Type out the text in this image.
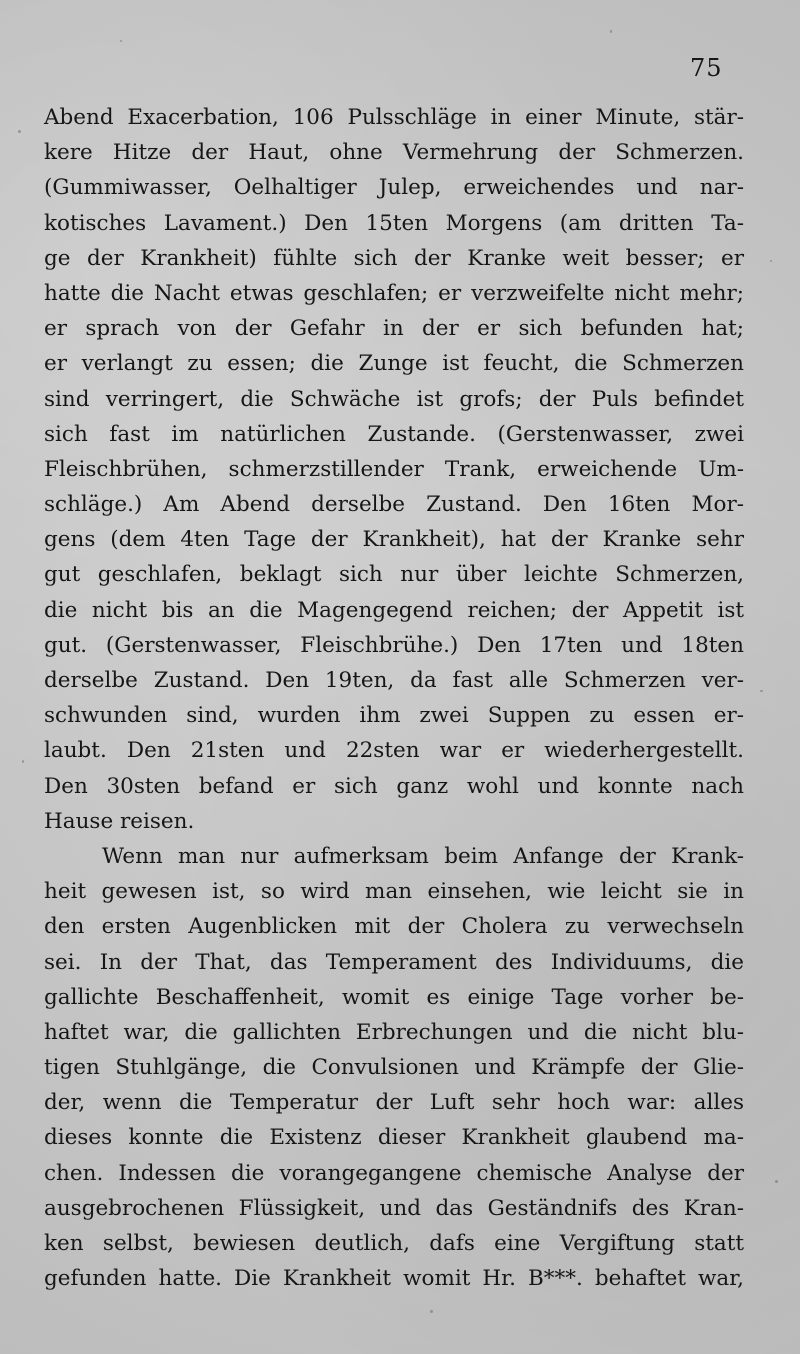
75
Abend Exacerbation, 106 Pulsschläge in einer Minute, stär-
kere Hitze der Haut, ohne Vermehrung der Schmerzen.
(Gummiwasser, Oelhaltiger Julep, erweichendes und nar-
kotisches Lavament.) Den 15ten Morgens (am dritten Ta-
ge der Krankheit) fühlte sich der Kranke weit besser; er
hatte die Nacht etwas geschlafen; er verzweifelte nicht mehr;
er sprach von der Gefahr in der er sich befunden hat;
er verlangt zu essen; die Zunge ist feucht, die Schmerzen
sind verringert, die Schwäche ist grofs; der Puls befindet
sich fast im natürlichen Zustande. (Gerstenwasser, zwei
Fleischbrühen, schmerzstillender Trank, erweichende Um-
schläge.) Am Abend derselbe Zustand. Den 16ten Mor-
gens (dem 4ten Tage der Krankheit), hat der Kranke sehr
gut geschlafen, beklagt sich nur über leichte Schmerzen,
die nicht bis an die Magengegend reichen; der Appetit ist
gut. (Gerstenwasser, Fleischbrühe.) Den 17ten und 18ten
derselbe Zustand. Den 19ten, da fast alle Schmerzen ver-
schwunden sind, wurden ihm zwei Suppen zu essen er-
laubt. Den 21sten und 22sten war er wiederhergestellt.
Den 30sten befand er sich ganz wohl und konnte nach
Hause reisen.
Wenn man nur aufmerksam beim Anfange der Krank-
heit gewesen ist, so wird man einsehen, wie leicht sie in
den ersten Augenblicken mit der Cholera zu verwechseln
sei. In der That, das Temperament des Individuums, die
gallichte Beschaffenheit, womit es einige Tage vorher be-
haftet war, die gallichten Erbrechungen und die nicht blu-
tigen Stuhlgänge, die Convulsionen und Krämpfe der Glie-
der, wenn die Temperatur der Luft sehr hoch war: alles
dieses konnte die Existenz dieser Krankheit glaubend ma-
chen. Indessen die vorangegangene chemische Analyse der
ausgebrochenen Flüssigkeit, und das Geständnifs des Kran-
ken selbst, bewiesen deutlich, dafs eine Vergiftung statt
gefunden hatte. Die Krankheit womit Hr. B***. behaftet war,
